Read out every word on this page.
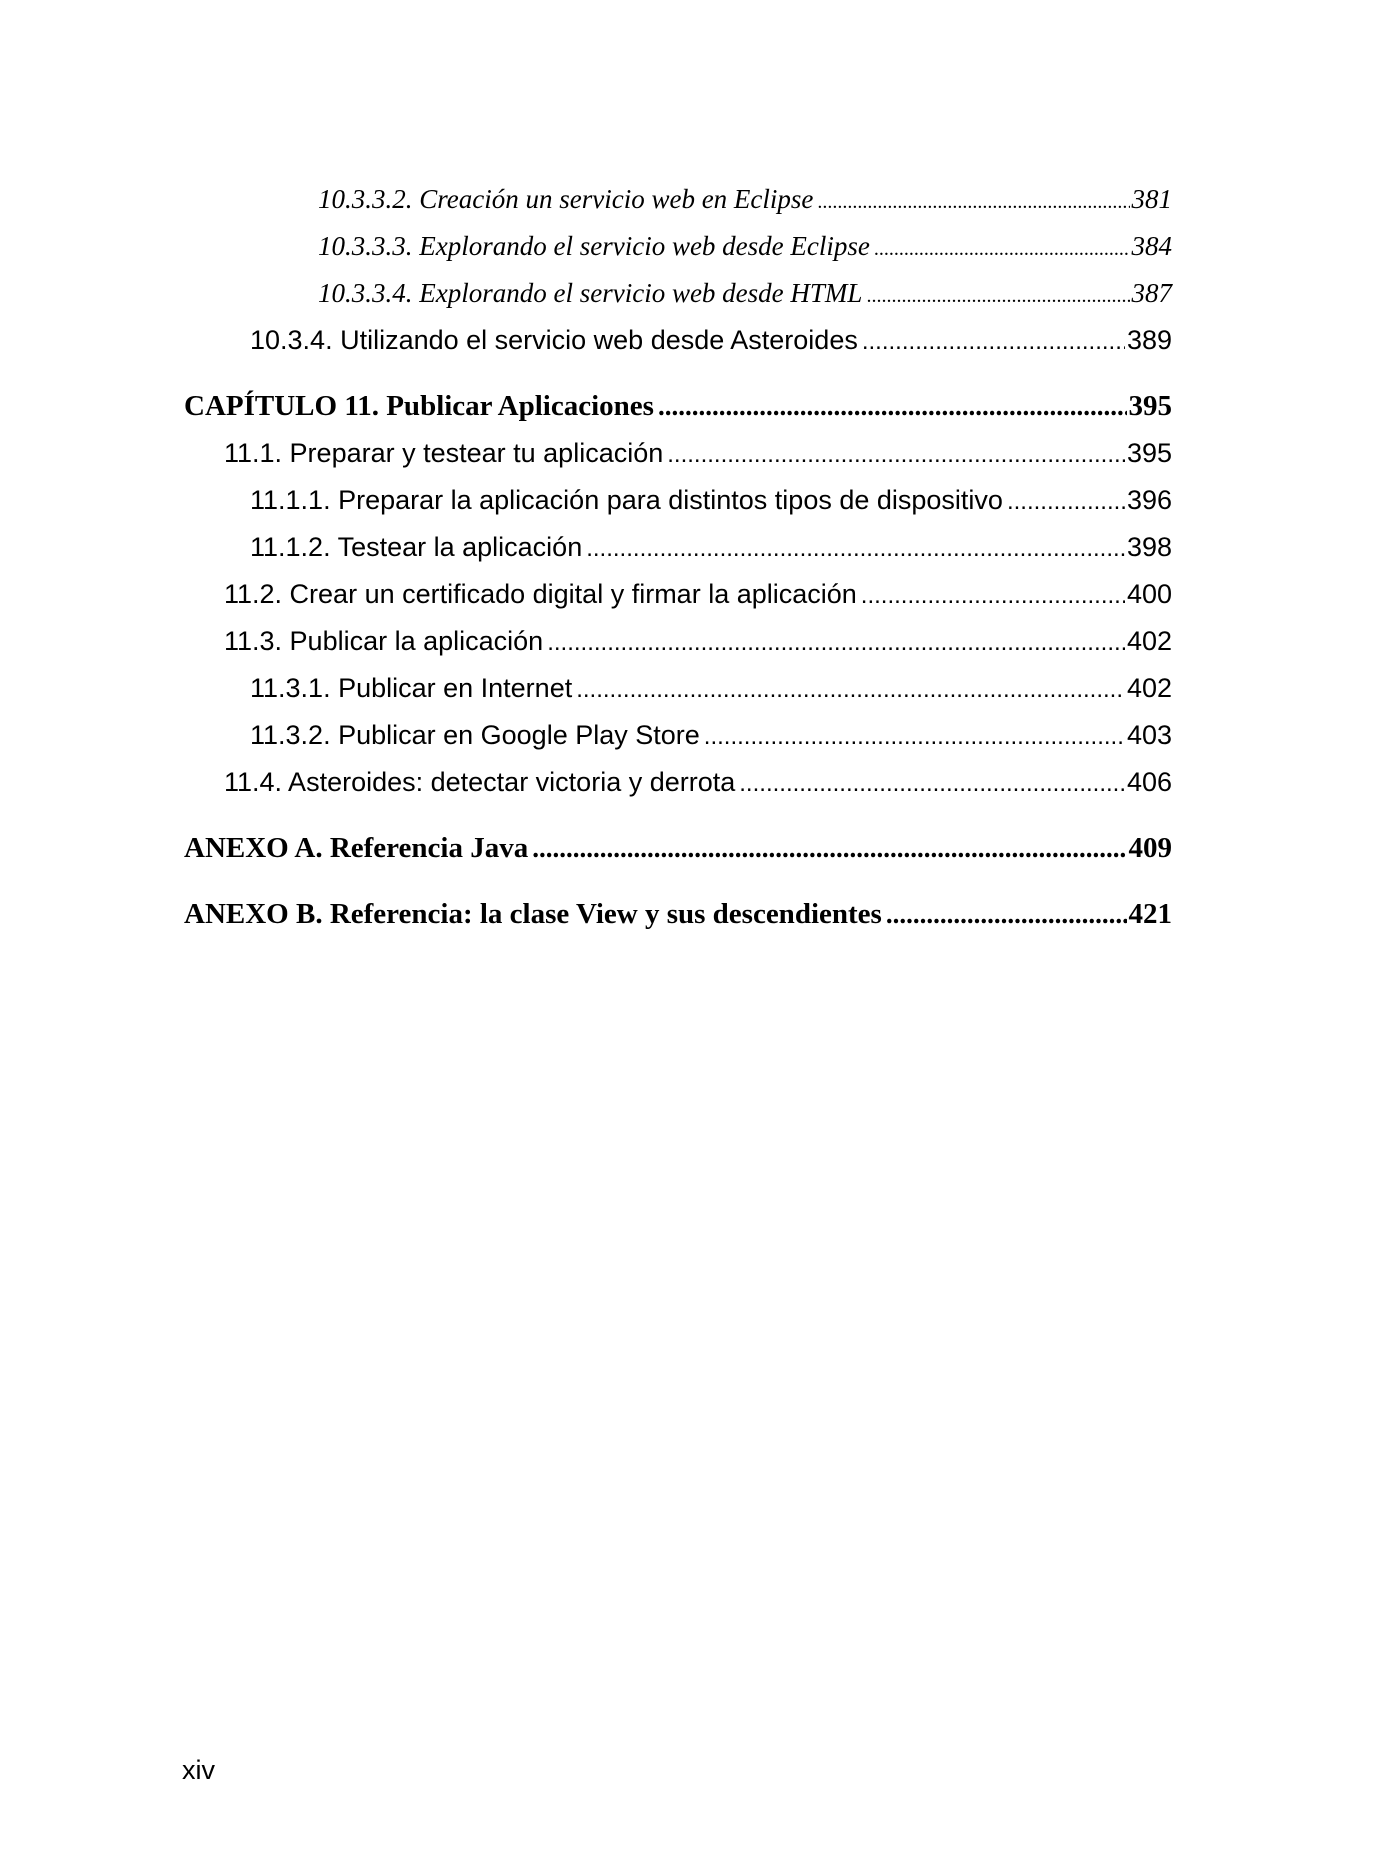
10.3.3.2. Creación un servicio web en Eclipse .....	381
10.3.3.3. Explorando el servicio web desde Eclipse .....	384
10.3.3.4. Explorando el servicio web desde HTML .....	387
10.3.4. Utilizando el servicio web desde Asteroides .....	389
CAPÍTULO 11. Publicar Aplicaciones .....	395
11.1. Preparar y testear tu aplicación .....	395
11.1.1. Preparar la aplicación para distintos tipos de dispositivo .....	396
11.1.2. Testear la aplicación .....	398
11.2. Crear un certificado digital y firmar la aplicación .....	400
11.3. Publicar la aplicación .....	402
11.3.1. Publicar en Internet .....	402
11.3.2. Publicar en Google Play Store .....	403
11.4. Asteroides: detectar victoria y derrota .....	406
ANEXO A. Referencia Java .....	409
ANEXO B. Referencia: la clase View y sus descendientes .....	421
xiv
